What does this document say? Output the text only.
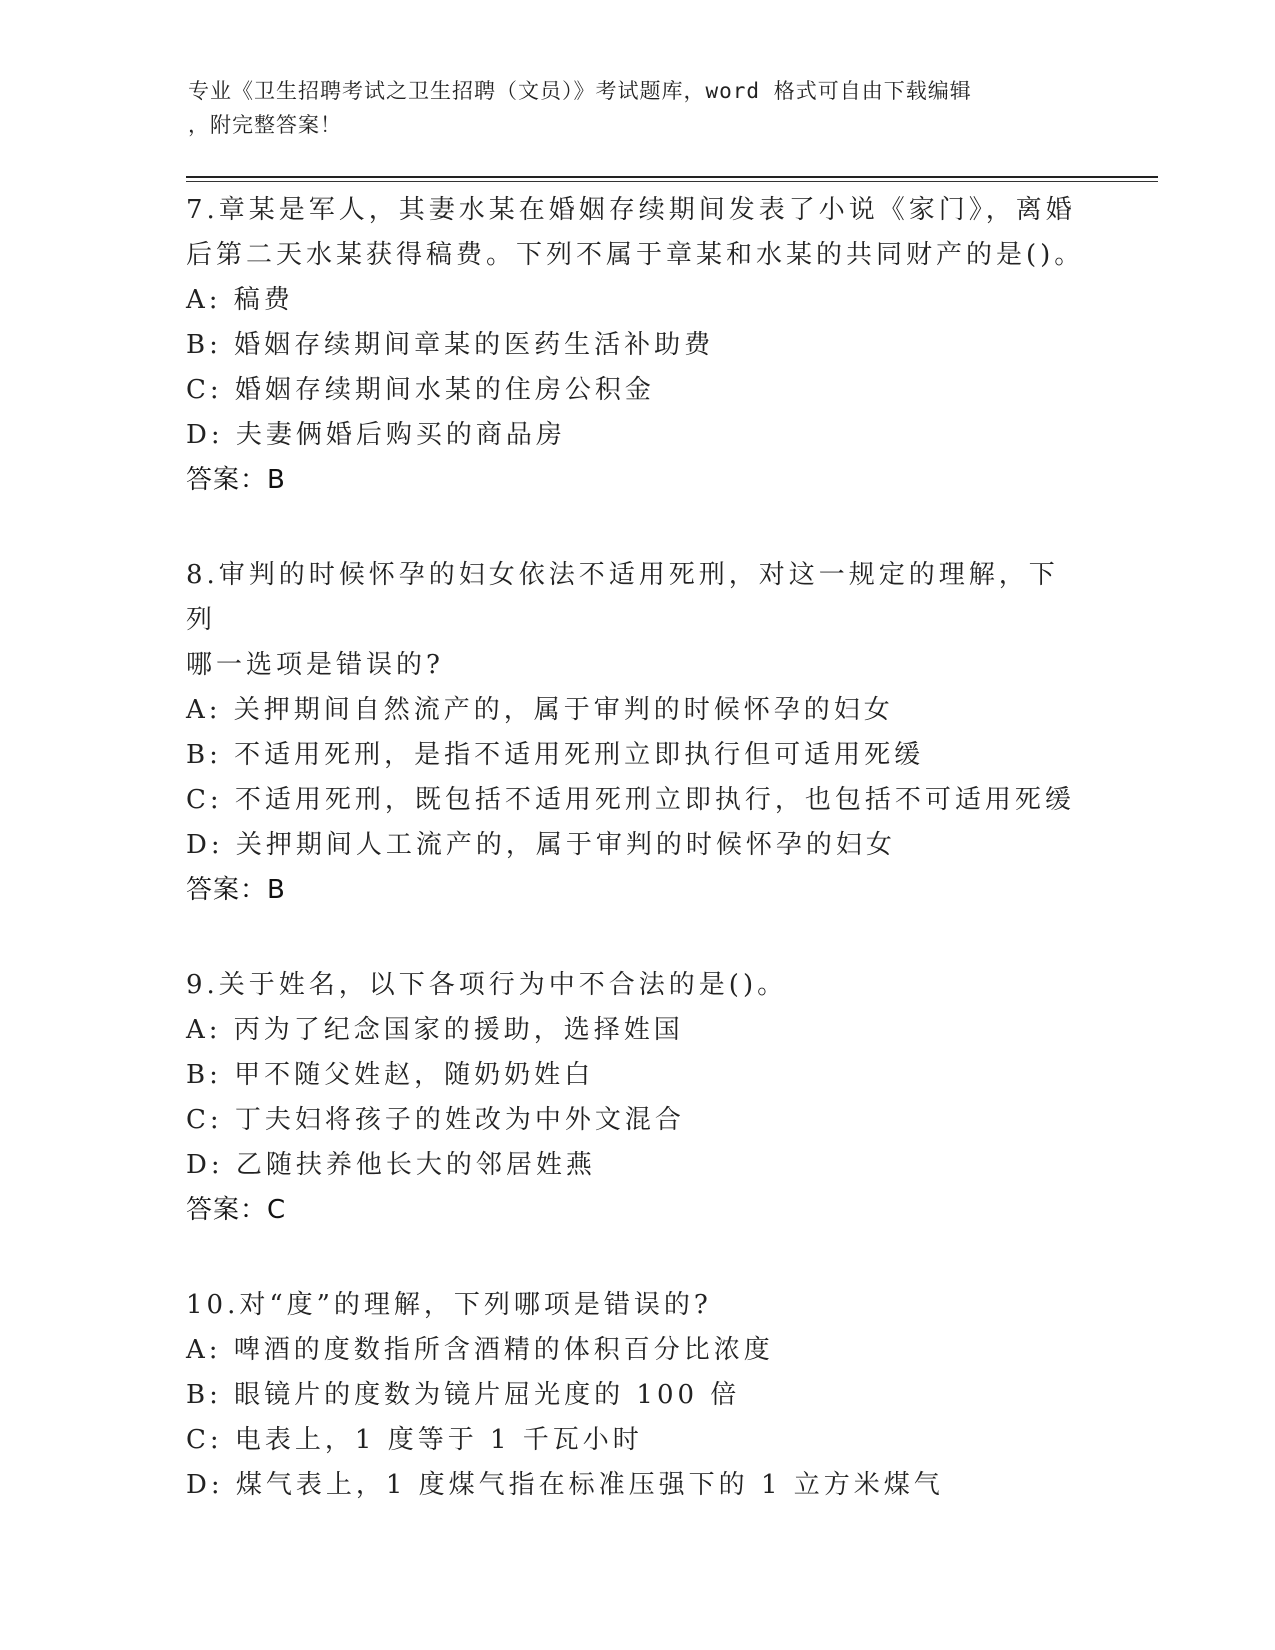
专业《卫生招聘考试之卫生招聘（文员）》考试题库，word 格式可自由下载编辑
，附完整答案！

7.章某是军人，其妻水某在婚姻存续期间发表了小说《家门》，离婚

后第二天水某获得稿费。下列不属于章某和水某的共同财产的是()。

A: 稿费

B: 婚姻存续期间章某的医药生活补助费

C: 婚姻存续期间水某的住房公积金

D: 夫妻俩婚后购买的商品房

答案：B

8.审判的时候怀孕的妇女依法不适用死刑，对这一规定的理解，下列

哪一选项是错误的?

A: 关押期间自然流产的，属于审判的时候怀孕的妇女

B: 不适用死刑，是指不适用死刑立即执行但可适用死缓

C: 不适用死刑，既包括不适用死刑立即执行，也包括不可适用死缓

D: 关押期间人工流产的，属于审判的时候怀孕的妇女

答案：B

9.关于姓名，以下各项行为中不合法的是()。

A: 丙为了纪念国家的援助，选择姓国

B: 甲不随父姓赵，随奶奶姓白

C: 丁夫妇将孩子的姓改为中外文混合

D: 乙随扶养他长大的邻居姓燕

答案：C

10.对“度”的理解，下列哪项是错误的?

A: 啤酒的度数指所含酒精的体积百分比浓度

B: 眼镜片的度数为镜片屈光度的 100 倍

C: 电表上，1 度等于 1 千瓦小时

D: 煤气表上，1 度煤气指在标准压强下的 1 立方米煤气
